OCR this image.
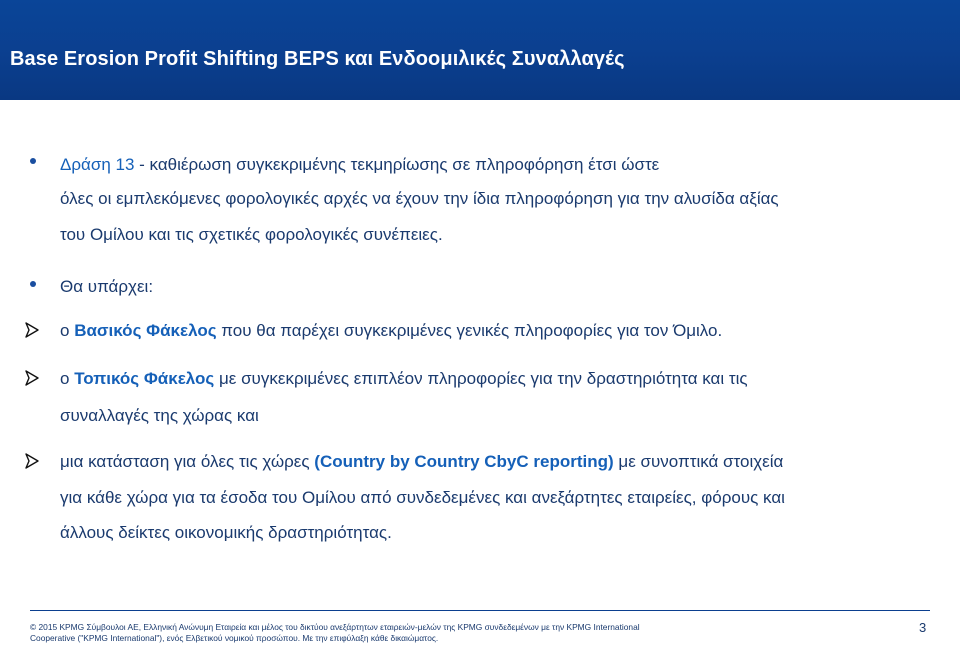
Base Erosion Profit Shifting BEPS και Ενδοομιλικές Συναλλαγές
Δράση 13 - καθιέρωση συγκεκριμένης τεκμηρίωσης σε πληροφόρηση έτσι ώστε
όλες οι εμπλεκόμενες φορολογικές αρχές να έχουν την ίδια πληροφόρηση για την αλυσίδα αξίας
του Ομίλου και τις σχετικές φορολογικές συνέπειες.
Θα υπάρχει:
ο Βασικός Φάκελος που θα παρέχει συγκεκριμένες γενικές πληροφορίες για τον Όμιλο.
ο Τοπικός Φάκελος με συγκεκριμένες επιπλέον πληροφορίες για την δραστηριότητα και τις
συναλλαγές της χώρας και
μια κατάσταση για όλες τις χώρες (Country by Country CbyC reporting) με συνοπτικά στοιχεία
για κάθε χώρα για τα έσοδα του Ομίλου από συνδεδεμένες και ανεξάρτητες εταιρείες, φόρους και
άλλους δείκτες οικονομικής δραστηριότητας.
© 2015 KPMG Σύμβουλοι ΑΕ, Ελληνική Ανώνυμη Εταιρεία και μέλος του δικτύου ανεξάρτητων εταιρειών-μελών της KPMG συνδεδεμένων με την KPMG International
Cooperative ("KPMG International"), ενός Ελβετικού νομικού προσώπου. Με την επιφύλαξη κάθε δικαιώματος.
3
